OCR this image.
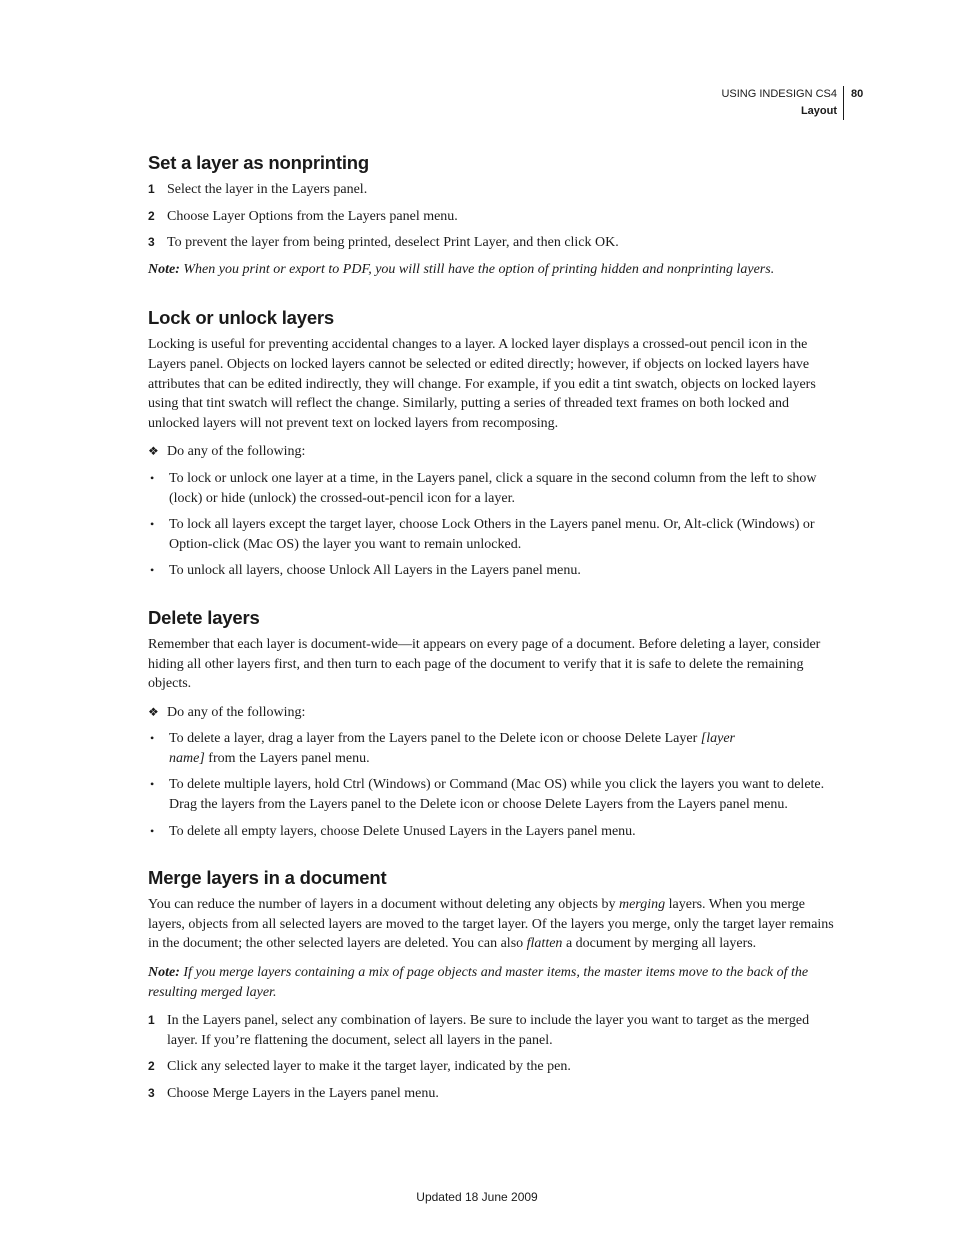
USING INDESIGN CS4
Layout
80
Set a layer as nonprinting
1 Select the layer in the Layers panel.
2 Choose Layer Options from the Layers panel menu.
3 To prevent the layer from being printed, deselect Print Layer, and then click OK.

Note: When you print or export to PDF, you will still have the option of printing hidden and nonprinting layers.

Lock or unlock layers

Locking is useful for preventing accidental changes to a layer. A locked layer displays a crossed-out pencil icon in the Layers panel. Objects on locked layers cannot be selected or edited directly; however, if objects on locked layers have attributes that can be edited indirectly, they will change. For example, if you edit a tint swatch, objects on locked layers using that tint swatch will reflect the change. Similarly, putting a series of threaded text frames on both locked and unlocked layers will not prevent text on locked layers from recomposing.

❖ Do any of the following:
•	To lock or unlock one layer at a time, in the Layers panel, click a square in the second column from the left to show (lock) or hide (unlock) the crossed-out-pencil icon for a layer.
•	To lock all layers except the target layer, choose Lock Others in the Layers panel menu. Or, Alt-click (Windows) or Option-click (Mac OS) the layer you want to remain unlocked.
•	To unlock all layers, choose Unlock All Layers in the Layers panel menu.
Delete layers

Remember that each layer is document-wide—it appears on every page of a document. Before deleting a layer, consider hiding all other layers first, and then turn to each page of the document to verify that it is safe to delete the remaining objects.

❖ Do any of the following:
•	To delete a layer, drag a layer from the Layers panel to the Delete icon or choose Delete Layer [layer name] from the Layers panel menu.
•	To delete multiple layers, hold Ctrl (Windows) or Command (Mac OS) while you click the layers you want to delete. Drag the layers from the Layers panel to the Delete icon or choose Delete Layers from the Layers panel menu.
•	To delete all empty layers, choose Delete Unused Layers in the Layers panel menu.
Merge layers in a document

You can reduce the number of layers in a document without deleting any objects by merging layers. When you merge layers, objects from all selected layers are moved to the target layer. Of the layers you merge, only the target layer remains in the document; the other selected layers are deleted. You can also flatten a document by merging all layers.

Note: If you merge layers containing a mix of page objects and master items, the master items move to the back of the resulting merged layer.

1 In the Layers panel, select any combination of layers. Be sure to include the layer you want to target as the merged layer. If you’re flattening the document, select all layers in the panel.
2 Click any selected layer to make it the target layer, indicated by the pen.
3 Choose Merge Layers in the Layers panel menu.
Updated 18 June 2009
